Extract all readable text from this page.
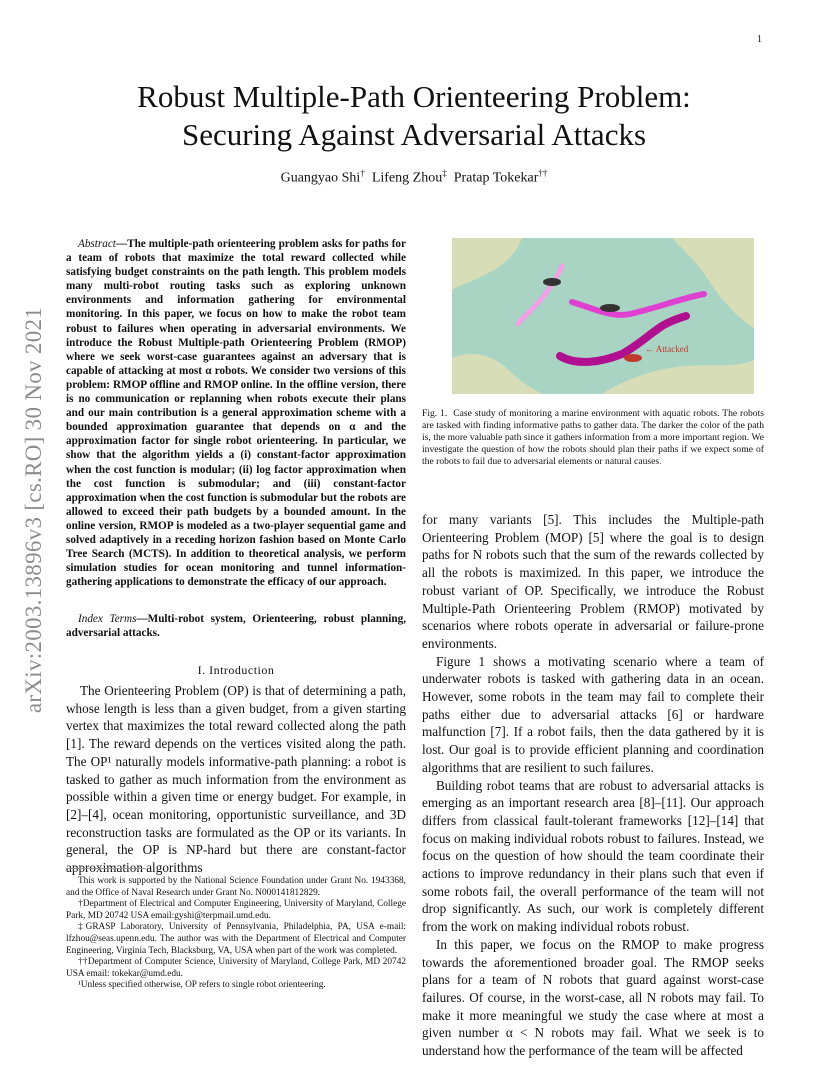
1
Robust Multiple-Path Orienteering Problem:
Securing Against Adversarial Attacks
Guangyao Shi† Lifeng Zhou‡ Pratap Tokekar††
arXiv:2003.13896v3 [cs.RO] 30 Nov 2021
Abstract—The multiple-path orienteering problem asks for paths for a team of robots that maximize the total reward collected while satisfying budget constraints on the path length. This problem models many multi-robot routing tasks such as exploring unknown environments and information gathering for environmental monitoring. In this paper, we focus on how to make the robot team robust to failures when operating in adversarial environments. We introduce the Robust Multiple-path Orienteering Problem (RMOP) where we seek worst-case guarantees against an adversary that is capable of attacking at most α robots. We consider two versions of this problem: RMOP offline and RMOP online. In the offline version, there is no communication or replanning when robots execute their plans and our main contribution is a general approximation scheme with a bounded approximation guarantee that depends on α and the approximation factor for single robot orienteering. In particular, we show that the algorithm yields a (i) constant-factor approximation when the cost function is modular; (ii) log factor approximation when the cost function is submodular; and (iii) constant-factor approximation when the cost function is submodular but the robots are allowed to exceed their path budgets by a bounded amount. In the online version, RMOP is modeled as a two-player sequential game and solved adaptively in a receding horizon fashion based on Monte Carlo Tree Search (MCTS). In addition to theoretical analysis, we perform simulation studies for ocean monitoring and tunnel information-gathering applications to demonstrate the efficacy of our approach.
Index Terms—Multi-robot system, Orienteering, robust planning, adversarial attacks.
I. Introduction

The Orienteering Problem (OP) is that of determining a path, whose length is less than a given budget, from a given starting vertex that maximizes the total reward collected along the path [1]. The reward depends on the vertices visited along the path. The OP¹ naturally models informative-path planning: a robot is tasked to gather as much information from the environment as possible within a given time or energy budget. For example, in [2]–[4], ocean monitoring, opportunistic surveillance, and 3D reconstruction tasks are formulated as the OP or its variants. In general, the OP is NP-hard but there are constant-factor approximation algorithms

This work is supported by the National Science Foundation under Grant No. 1943368, and the Office of Naval Research under Grant No. N000141812829.

†Department of Electrical and Computer Engineering, University of Maryland, College Park, MD 20742 USA email:gyshi@terpmail.umd.edu.

‡GRASP Laboratory, University of Pennsylvania, Philadelphia, PA, USA e-mail: lfzhou@seas.upenn.edu. The author was with the Department of Electrical and Computer Engineering, Virginia Tech, Blacksburg, VA, USA when part of the work was completed.

††Department of Computer Science, University of Maryland, College Park, MD 20742 USA email: tokekar@umd.edu.

¹Unless specified otherwise, OP refers to single robot orienteering.

← Attacked
Fig. 1. Case study of monitoring a marine environment with aquatic robots. The robots are tasked with finding informative paths to gather data. The darker the color of the path is, the more valuable path since it gathers information from a more important region. We investigate the question of how the robots should plan their paths if we expect some of the robots to fail due to adversarial elements or natural causes.

for many variants [5]. This includes the Multiple-path Orienteering Problem (MOP) [5] where the goal is to design paths for N robots such that the sum of the rewards collected by all the robots is maximized. In this paper, we introduce the robust variant of OP. Specifically, we introduce the Robust Multiple-Path Orienteering Problem (RMOP) motivated by scenarios where robots operate in adversarial or failure-prone environments.

Figure 1 shows a motivating scenario where a team of underwater robots is tasked with gathering data in an ocean. However, some robots in the team may fail to complete their paths either due to adversarial attacks [6] or hardware malfunction [7]. If a robot fails, then the data gathered by it is lost. Our goal is to provide efficient planning and coordination algorithms that are resilient to such failures.

Building robot teams that are robust to adversarial attacks is emerging as an important research area [8]–[11]. Our approach differs from classical fault-tolerant frameworks [12]–[14] that focus on making individual robots robust to failures. Instead, we focus on the question of how should the team coordinate their actions to improve redundancy in their plans such that even if some robots fail, the overall performance of the team will not drop significantly. As such, our work is completely different from the work on making individual robots robust.

In this paper, we focus on the RMOP to make progress towards the aforementioned broader goal. The RMOP seeks plans for a team of N robots that guard against worst-case failures. Of course, in the worst-case, all N robots may fail. To make it more meaningful we study the case where at most a given number α < N robots may fail. What we seek is to understand how the performance of the team will be affected
